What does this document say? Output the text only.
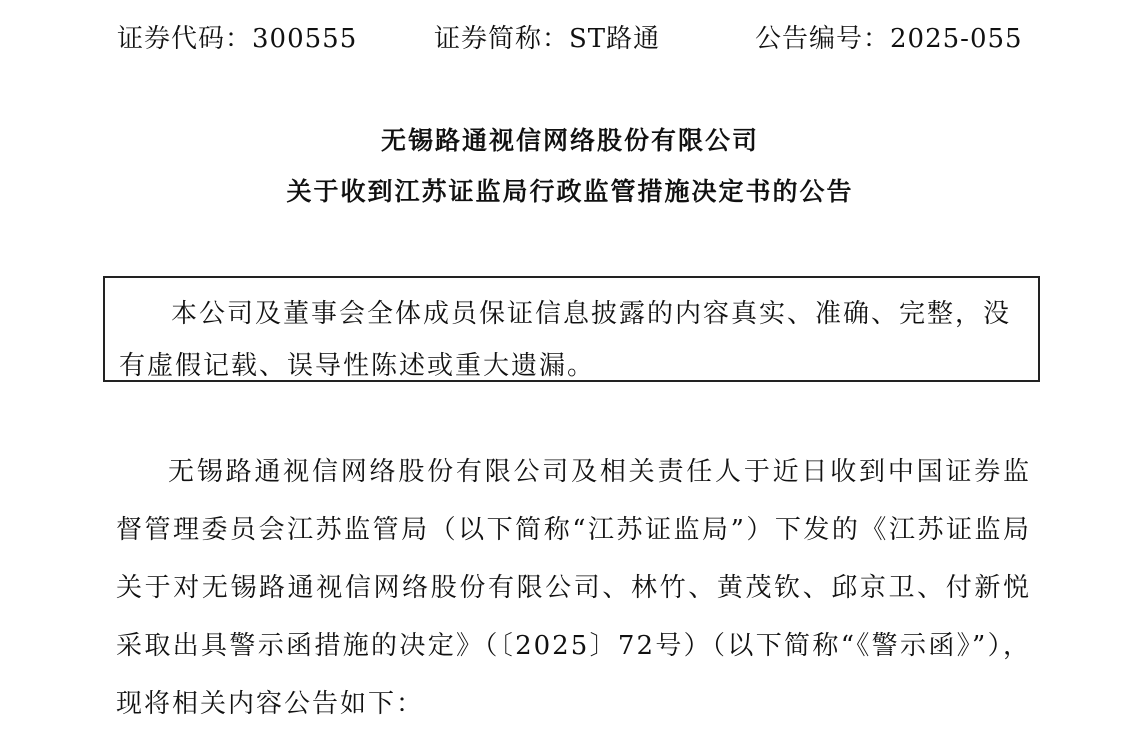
证券代码：300555	证券简称：ST路通	公告编号：2025-055
无锡路通视信网络股份有限公司
关于收到江苏证监局行政监管措施决定书的公告

本公司及董事会全体成员保证信息披露的内容真实、准确、完整，没有虚假记载、误导性陈述或重大遗漏。

无锡路通视信网络股份有限公司及相关责任人于近日收到中国证券监督管理委员会江苏监管局（以下简称“江苏证监局”）下发的《江苏证监局关于对无锡路通视信网络股份有限公司、林竹、黄茂钦、邱京卫、付新悦采取出具警示函措施的决定》（〔2025〕72号）（以下简称“《警示函》”），现将相关内容公告如下：
